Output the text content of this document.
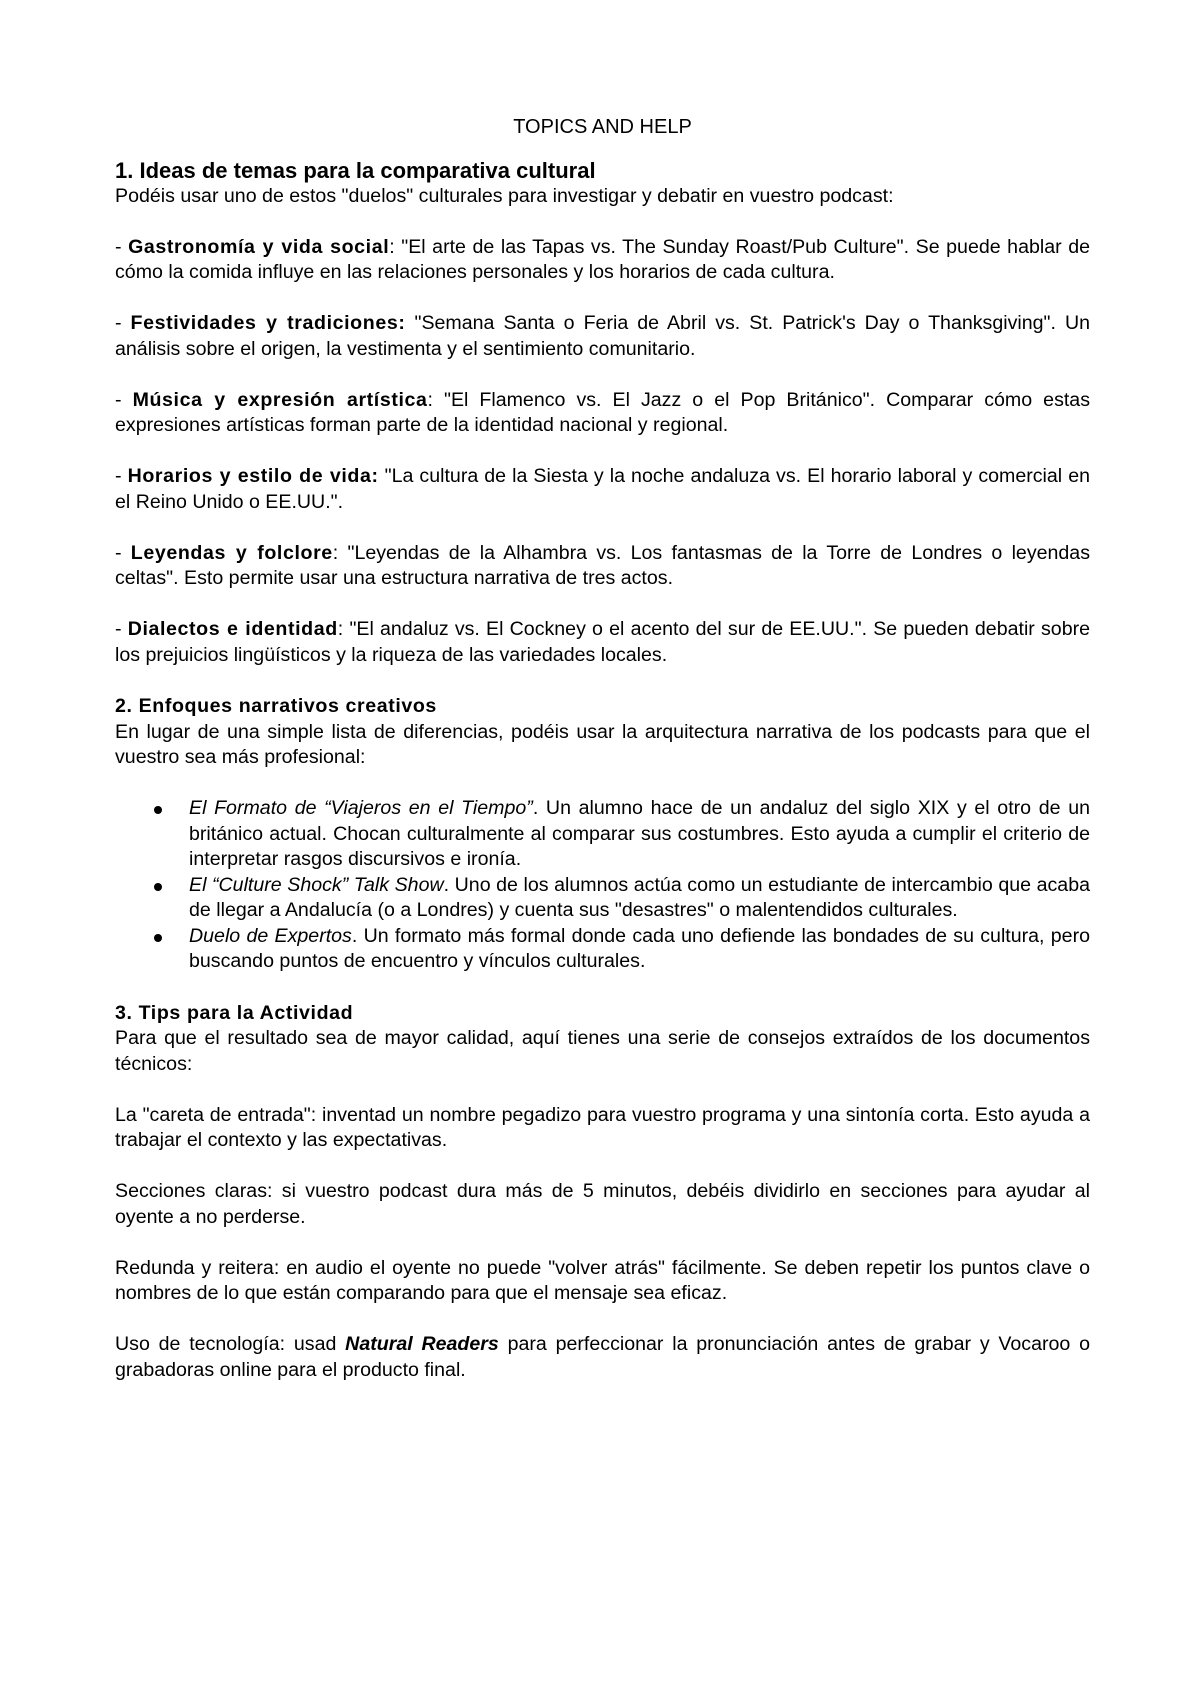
TOPICS AND HELP

1. Ideas de temas para la comparativa cultural

Podéis usar uno de estos "duelos" culturales para investigar y debatir en vuestro podcast:

- Gastronomía y vida social: "El arte de las Tapas vs. The Sunday Roast/Pub Culture". Se puede hablar de cómo la comida influye en las relaciones personales y los horarios de cada cultura.

- Festividades y tradiciones: "Semana Santa o Feria de Abril vs. St. Patrick's Day o Thanksgiving". Un análisis sobre el origen, la vestimenta y el sentimiento comunitario.

- Música y expresión artística: "El Flamenco vs. El Jazz o el Pop Británico". Comparar cómo estas expresiones artísticas forman parte de la identidad nacional y regional.

- Horarios y estilo de vida: "La cultura de la Siesta y la noche andaluza vs. El horario laboral y comercial en el Reino Unido o EE.UU.".

- Leyendas y folclore: "Leyendas de la Alhambra vs. Los fantasmas de la Torre de Londres o leyendas celtas". Esto permite usar una estructura narrativa de tres actos.

- Dialectos e identidad: "El andaluz vs. El Cockney o el acento del sur de EE.UU.". Se pueden debatir sobre los prejuicios lingüísticos y la riqueza de las variedades locales.

2. Enfoques narrativos creativos

En lugar de una simple lista de diferencias, podéis usar la arquitectura narrativa de los podcasts para que el vuestro sea más profesional:

El Formato de “Viajeros en el Tiempo”. Un alumno hace de un andaluz del siglo XIX y el otro de un británico actual. Chocan culturalmente al comparar sus costumbres. Esto ayuda a cumplir el criterio de interpretar rasgos discursivos e ironía.
El “Culture Shock” Talk Show. Uno de los alumnos actúa como un estudiante de intercambio que acaba de llegar a Andalucía (o a Londres) y cuenta sus "desastres" o malentendidos culturales.
Duelo de Expertos. Un formato más formal donde cada uno defiende las bondades de su cultura, pero buscando puntos de encuentro y vínculos culturales.

3. Tips para la Actividad

Para que el resultado sea de mayor calidad, aquí tienes una serie de consejos extraídos de los documentos técnicos:

La "careta de entrada": inventad un nombre pegadizo para vuestro programa y una sintonía corta. Esto ayuda a trabajar el contexto y las expectativas.

Secciones claras: si vuestro podcast dura más de 5 minutos, debéis dividirlo en secciones para ayudar al oyente a no perderse.

Redunda y reitera: en audio el oyente no puede "volver atrás" fácilmente. Se deben repetir los puntos clave o nombres de lo que están comparando para que el mensaje sea eficaz.

Uso de tecnología: usad Natural Readers para perfeccionar la pronunciación antes de grabar y Vocaroo o grabadoras online para el producto final.
